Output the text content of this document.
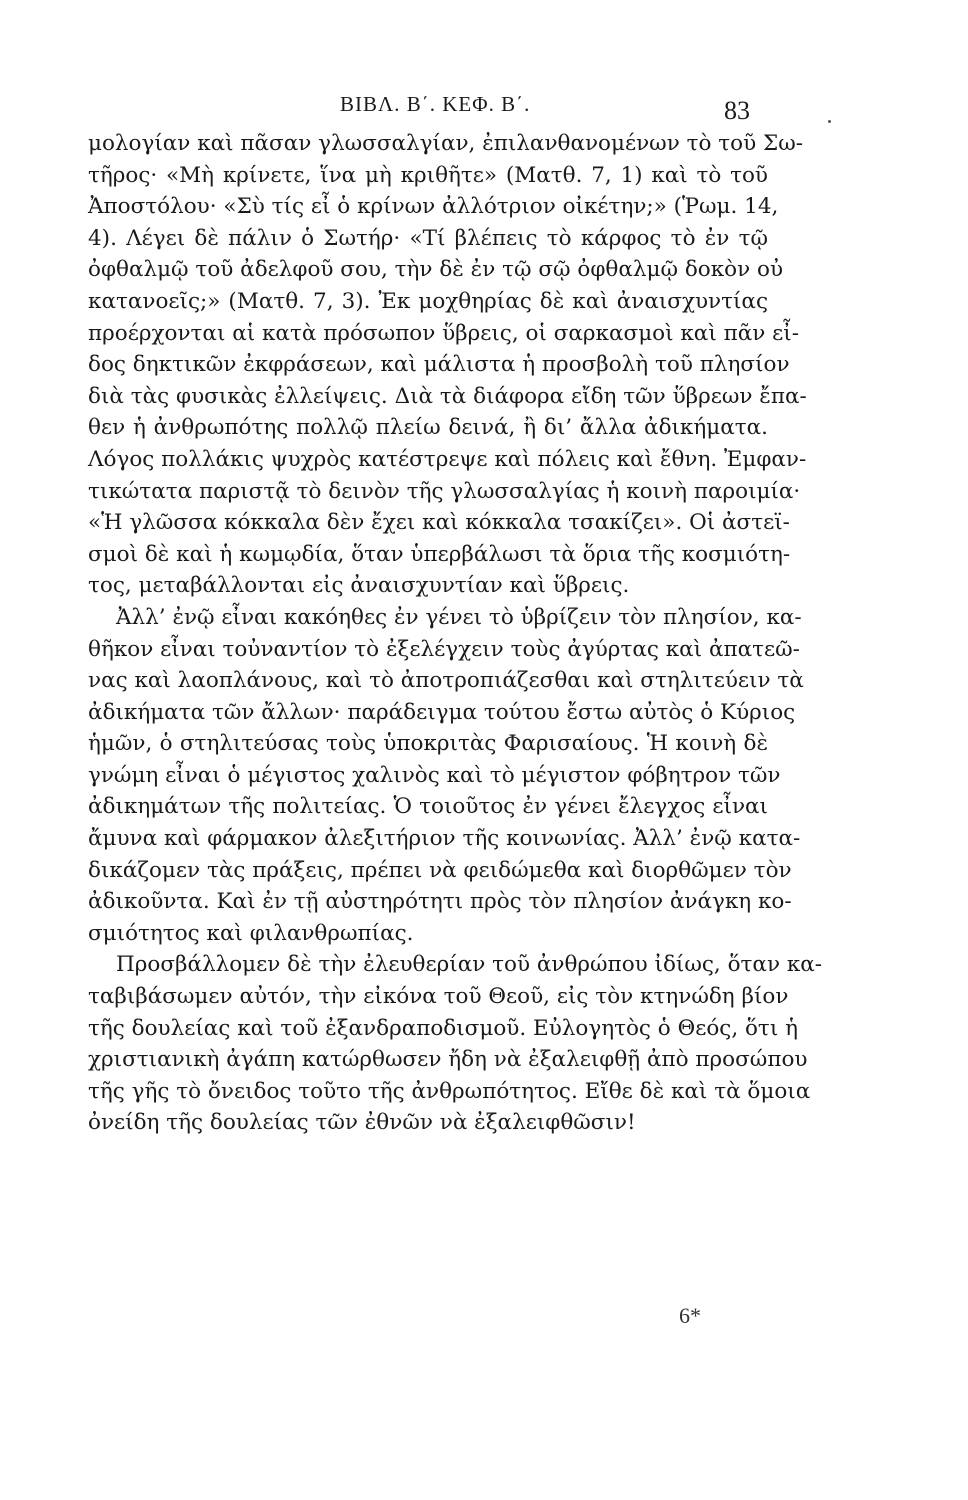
ΒΙΒΛ. Β΄. ΚΕΦ. Β΄.	83
μολογίαν καὶ πᾶσαν γλωσσαλγίαν, ἐπιλανθανομένων τὸ τοῦ Σω-
τῆρος· «Μὴ κρίνετε, ἵνα μὴ κριθῆτε» (Ματθ. 7, 1) καὶ τὸ τοῦ
Ἀποστόλου· «Σὺ τίς εἶ ὁ κρίνων ἀλλότριον οἰκέτην;» (Ῥωμ. 14,
4). Λέγει δὲ πάλιν ὁ Σωτήρ· «Τί βλέπεις τὸ κάρφος τὸ ἐν τῷ
ὀφθαλμῷ τοῦ ἀδελφοῦ σου, τὴν δὲ ἐν τῷ σῷ ὀφθαλμῷ δοκὸν οὐ
κατανοεῖς;» (Ματθ. 7, 3). Ἐκ μοχθηρίας δὲ καὶ ἀναισχυντίας
προέρχονται αἱ κατὰ πρόσωπον ὕβρεις, οἱ σαρκασμοὶ καὶ πᾶν εἶ-
δος δηκτικῶν ἐκφράσεων, καὶ μάλιστα ἡ προσβολὴ τοῦ πλησίον
διὰ τὰς φυσικὰς ἐλλείψεις. Διὰ τὰ διάφορα εἴδη τῶν ὕβρεων ἔπα-
θεν ἡ ἀνθρωπότης πολλῷ πλείω δεινά, ἢ δι’ ἄλλα ἀδικήματα.
Λόγος πολλάκις ψυχρὸς κατέστρεψε καὶ πόλεις καὶ ἔθνη. Ἐμφαν-
τικώτατα παριστᾷ τὸ δεινὸν τῆς γλωσσαλγίας ἡ κοινὴ παροιμία·
«Ἡ γλῶσσα κόκκαλα δὲν ἔχει καὶ κόκκαλα τσακίζει». Οἱ ἀστεϊ-
σμοὶ δὲ καὶ ἡ κωμῳδία, ὅταν ὑπερβάλωσι τὰ ὅρια τῆς κοσμιότη-
τος, μεταβάλλονται εἰς ἀναισχυντίαν καὶ ὕβρεις.
Ἀλλ’ ἐνῷ εἶναι κακόηθες ἐν γένει τὸ ὑβρίζειν τὸν πλησίον, κα-
θῆκον εἶναι τοὐναντίον τὸ ἐξελέγχειν τοὺς ἀγύρτας καὶ ἀπατεῶ-
νας καὶ λαοπλάνους, καὶ τὸ ἀποτροπιάζεσθαι καὶ στηλιτεύειν τὰ
ἀδικήματα τῶν ἄλλων· παράδειγμα τούτου ἔστω αὐτὸς ὁ Κύριος
ἡμῶν, ὁ στηλιτεύσας τοὺς ὑποκριτὰς Φαρισαίους. Ἡ κοινὴ δὲ
γνώμη εἶναι ὁ μέγιστος χαλινὸς καὶ τὸ μέγιστον φόβητρον τῶν
ἀδικημάτων τῆς πολιτείας. Ὁ τοιοῦτος ἐν γένει ἔλεγχος εἶναι
ἄμυνα καὶ φάρμακον ἀλεξιτήριον τῆς κοινωνίας. Ἀλλ’ ἐνῷ κατα-
δικάζομεν τὰς πράξεις, πρέπει νὰ φειδώμεθα καὶ διορθῶμεν τὸν
ἀδικοῦντα. Καὶ ἐν τῇ αὐστηρότητι πρὸς τὸν πλησίον ἀνάγκη κο-
σμιότητος καὶ φιλανθρωπίας.
Προσβάλλομεν δὲ τὴν ἐλευθερίαν τοῦ ἀνθρώπου ἰδίως, ὅταν κα-
ταβιβάσωμεν αὐτόν, τὴν εἰκόνα τοῦ Θεοῦ, εἰς τὸν κτηνώδη βίον
τῆς δουλείας καὶ τοῦ ἐξανδραποδισμοῦ. Εὐλογητὸς ὁ Θεός, ὅτι ἡ
χριστιανικὴ ἀγάπη κατώρθωσεν ἤδη νὰ ἐξαλειφθῇ ἀπὸ προσώπου
τῆς γῆς τὸ ὄνειδος τοῦτο τῆς ἀνθρωπότητος. Εἴθε δὲ καὶ τὰ ὅμοια
ὀνείδη τῆς δουλείας τῶν ἐθνῶν νὰ ἐξαλειφθῶσιν!
6*
